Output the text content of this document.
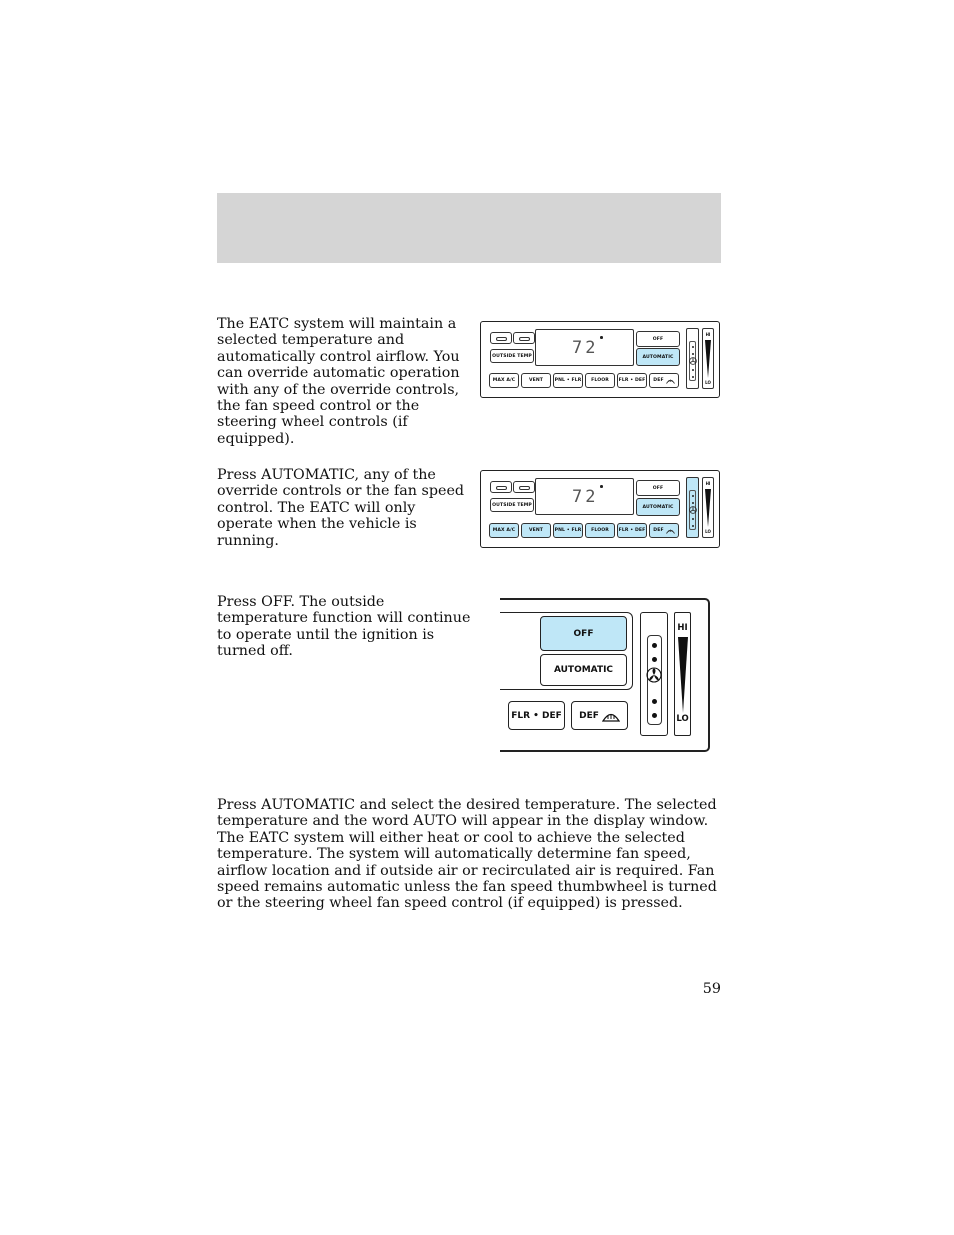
The EATC system will maintain a selected temperature and automatically control airflow. You can override automatic operation with any of the override controls, the fan speed control or the steering wheel controls (if equipped).

OUTSIDE TEMP 72	OFF
AUTOMATIC
MAX A/C	VENT	PNL • FLR	FLOOR	FLR • DEF	DEF
HI
LO

Press AUTOMATIC, any of the override controls or the fan speed control. The EATC will only operate when the vehicle is running.

OUTSIDE TEMP 72	OFF
AUTOMATIC
MAX A/C	VENT	PNL • FLR	FLOOR	FLR • DEF	DEF
HI
LO

Press OFF. The outside temperature function will continue to operate until the ignition is turned off.

OFF
AUTOMATIC
FLR • DEF	DEF
HI
LO

Press AUTOMATIC and select the desired temperature. The selected temperature and the word AUTO will appear in the display window. The EATC system will either heat or cool to achieve the selected temperature. The system will automatically determine fan speed, airflow location and if outside air or recirculated air is required. Fan speed remains automatic unless the fan speed thumbwheel is turned or the steering wheel fan speed control (if equipped) is pressed.

59
